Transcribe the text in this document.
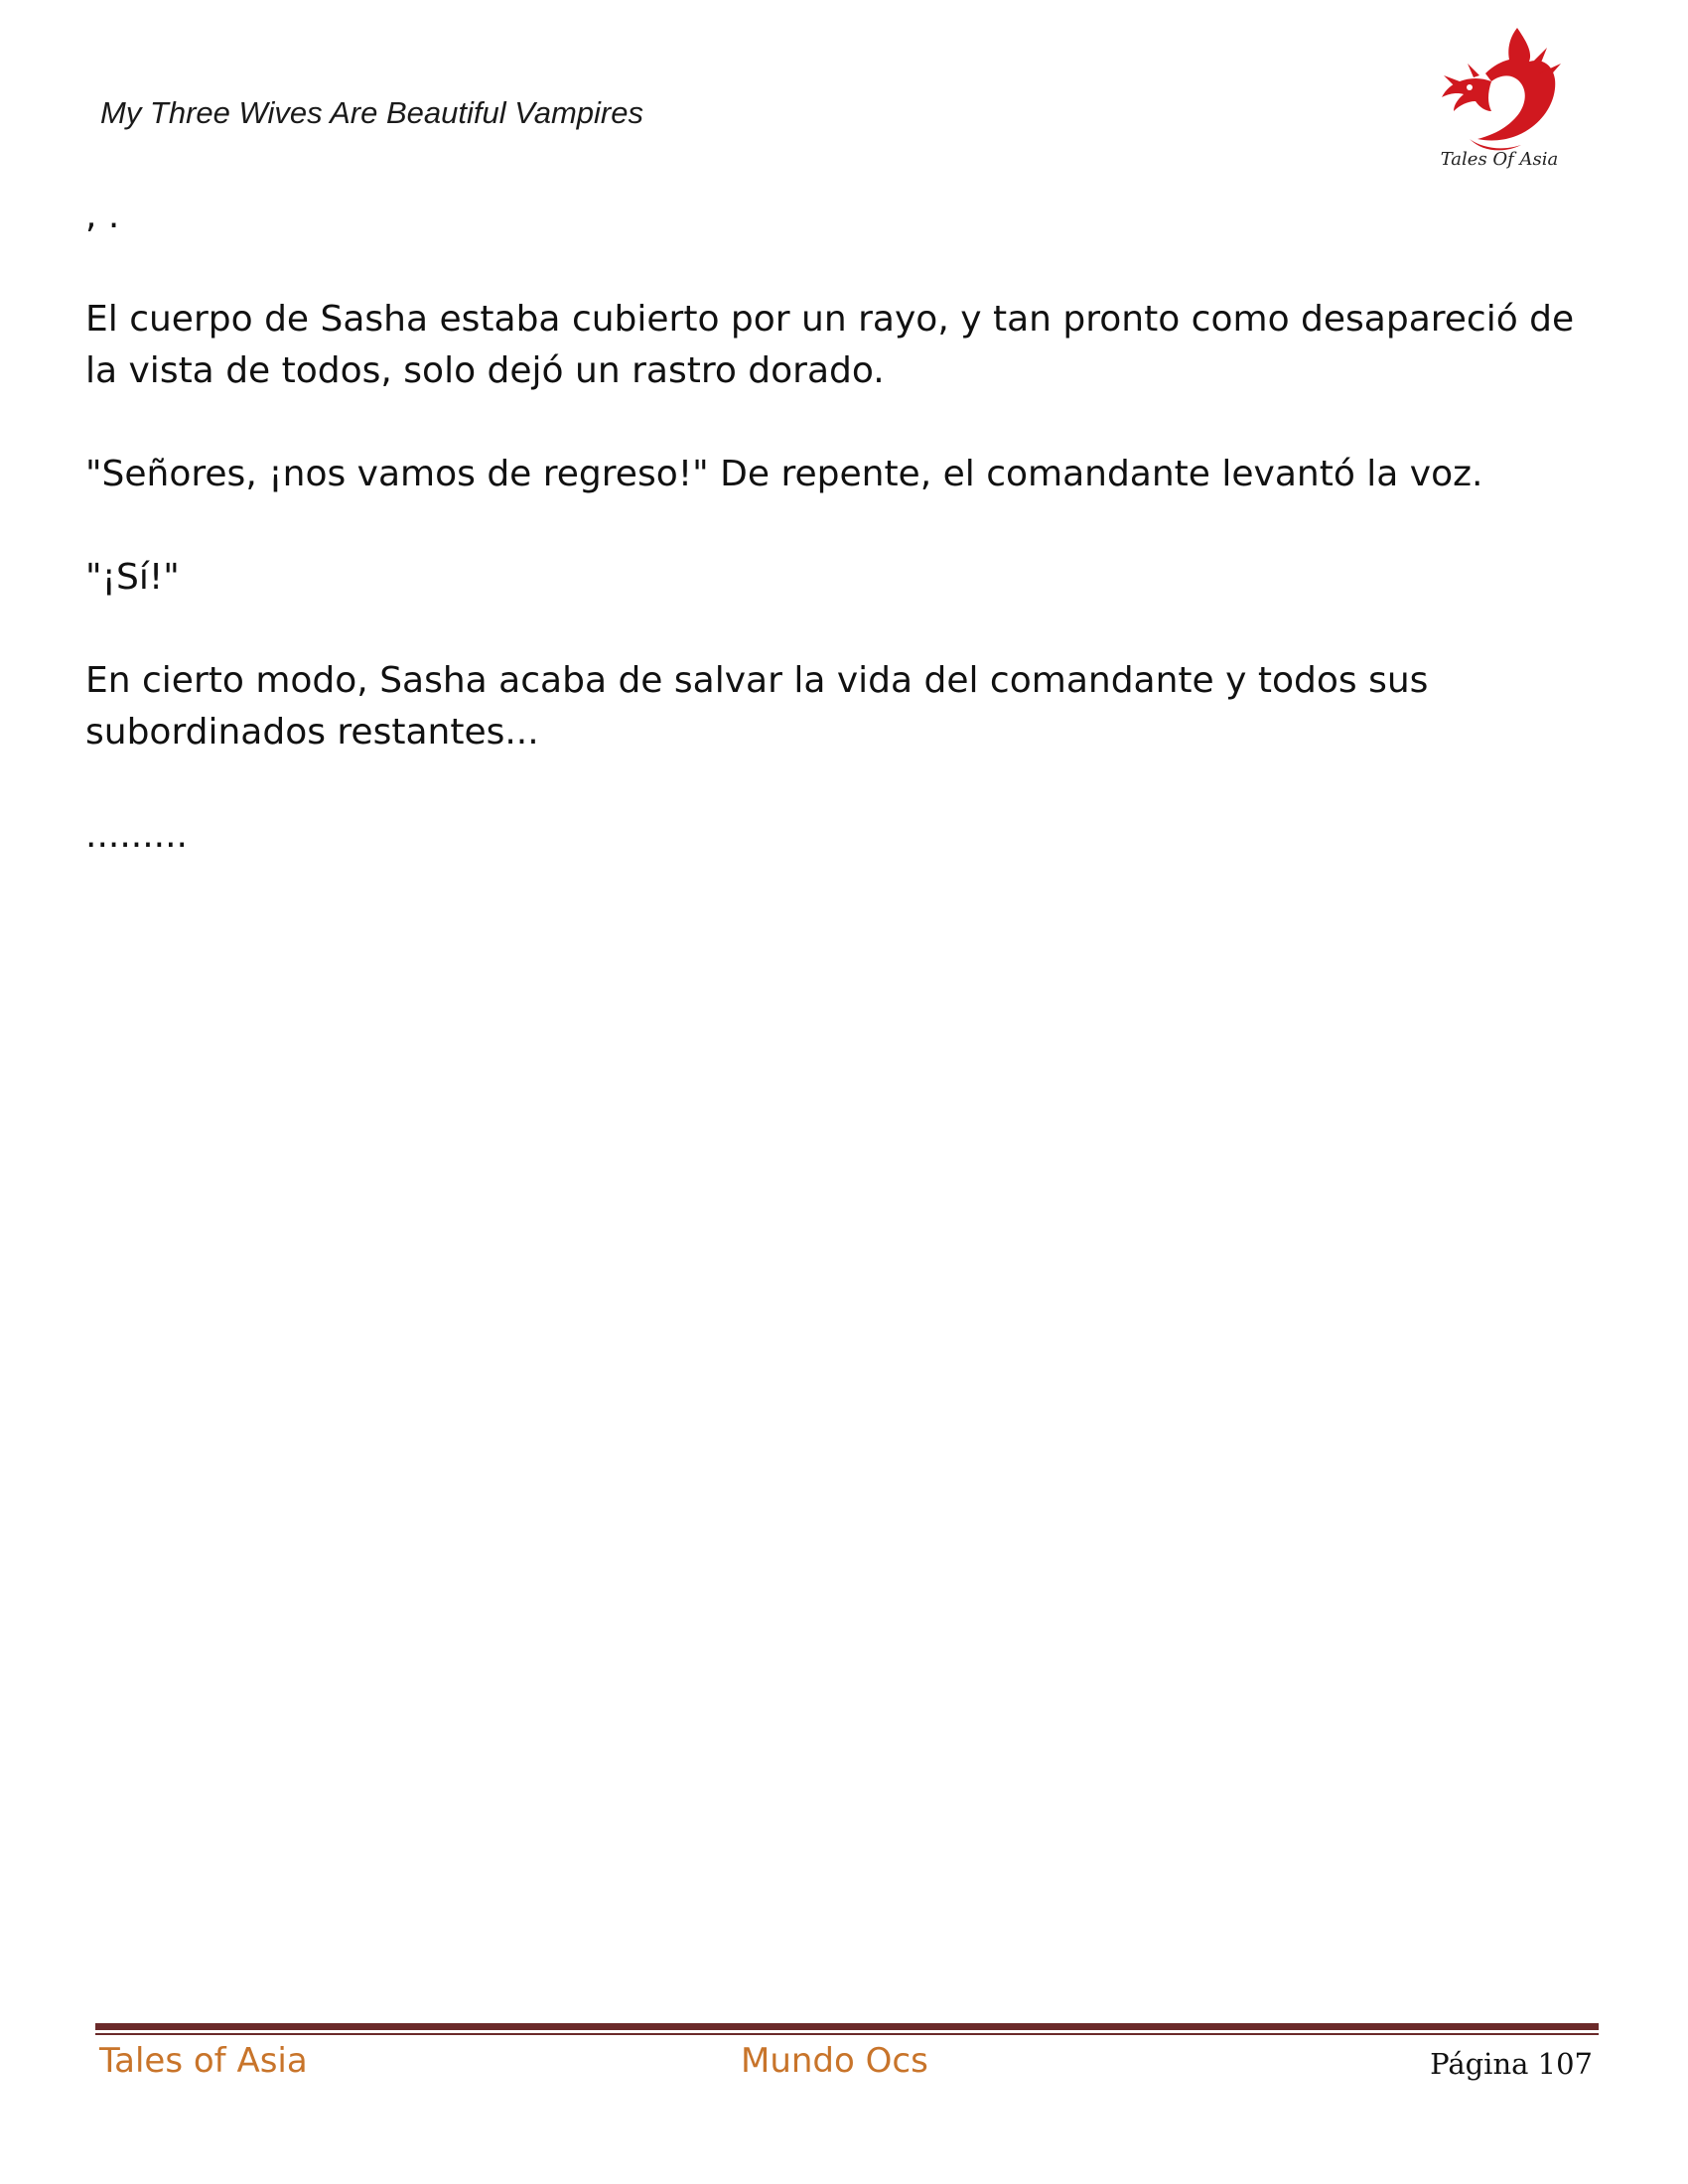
My Three Wives Are Beautiful Vampires
Tales Of Asia

, .

El cuerpo de Sasha estaba cubierto por un rayo, y tan pronto como desapareció de la vista de todos, solo dejó un rastro dorado.

"Señores, ¡nos vamos de regreso!" De repente, el comandante levantó la voz.

"¡Sí!"

En cierto modo, Sasha acaba de salvar la vida del comandante y todos sus subordinados restantes...

.........

Tales of Asia	Mundo Ocs	Página 107
